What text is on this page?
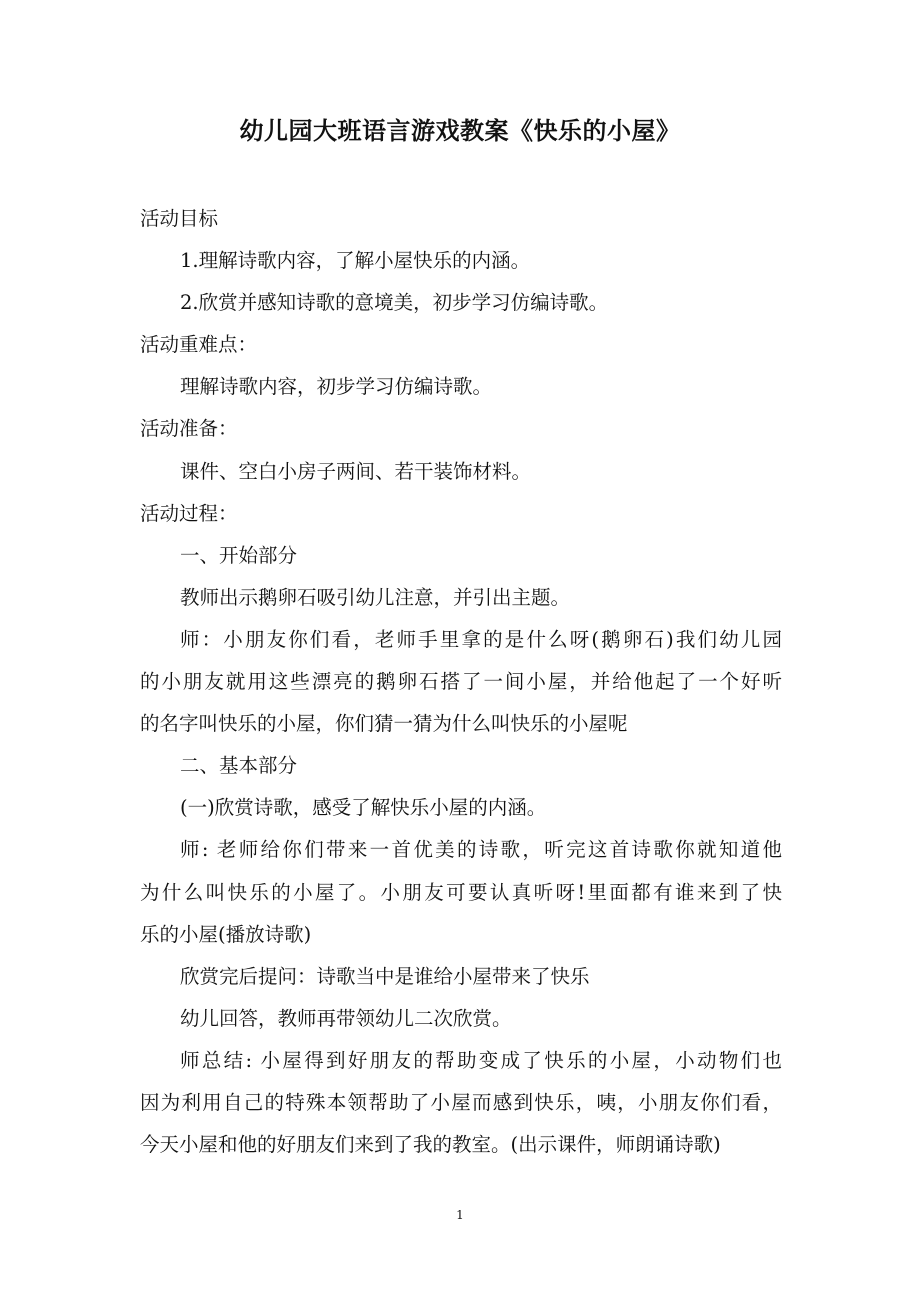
幼儿园大班语言游戏教案《快乐的小屋》
活动目标
1.理解诗歌内容，了解小屋快乐的内涵。
2.欣赏并感知诗歌的意境美，初步学习仿编诗歌。
活动重难点：
理解诗歌内容，初步学习仿编诗歌。
活动准备：
课件、空白小房子两间、若干装饰材料。
活动过程：
一、开始部分
教师出示鹅卵石吸引幼儿注意，并引出主题。
师：小朋友你们看，老师手里拿的是什么呀(鹅卵石)我们幼儿园
的小朋友就用这些漂亮的鹅卵石搭了一间小屋，并给他起了一个好听
的名字叫快乐的小屋，你们猜一猜为什么叫快乐的小屋呢
二、基本部分
(一)欣赏诗歌，感受了解快乐小屋的内涵。
师: 老师给你们带来一首优美的诗歌，听完这首诗歌你就知道他
为什么叫快乐的小屋了。小朋友可要认真听呀!里面都有谁来到了快
乐的小屋(播放诗歌)
欣赏完后提问：诗歌当中是谁给小屋带来了快乐
幼儿回答，教师再带领幼儿二次欣赏。
师总结: 小屋得到好朋友的帮助变成了快乐的小屋，小动物们也
因为利用自己的特殊本领帮助了小屋而感到快乐，咦，小朋友你们看，
今天小屋和他的好朋友们来到了我的教室。(出示课件，师朗诵诗歌)
1
